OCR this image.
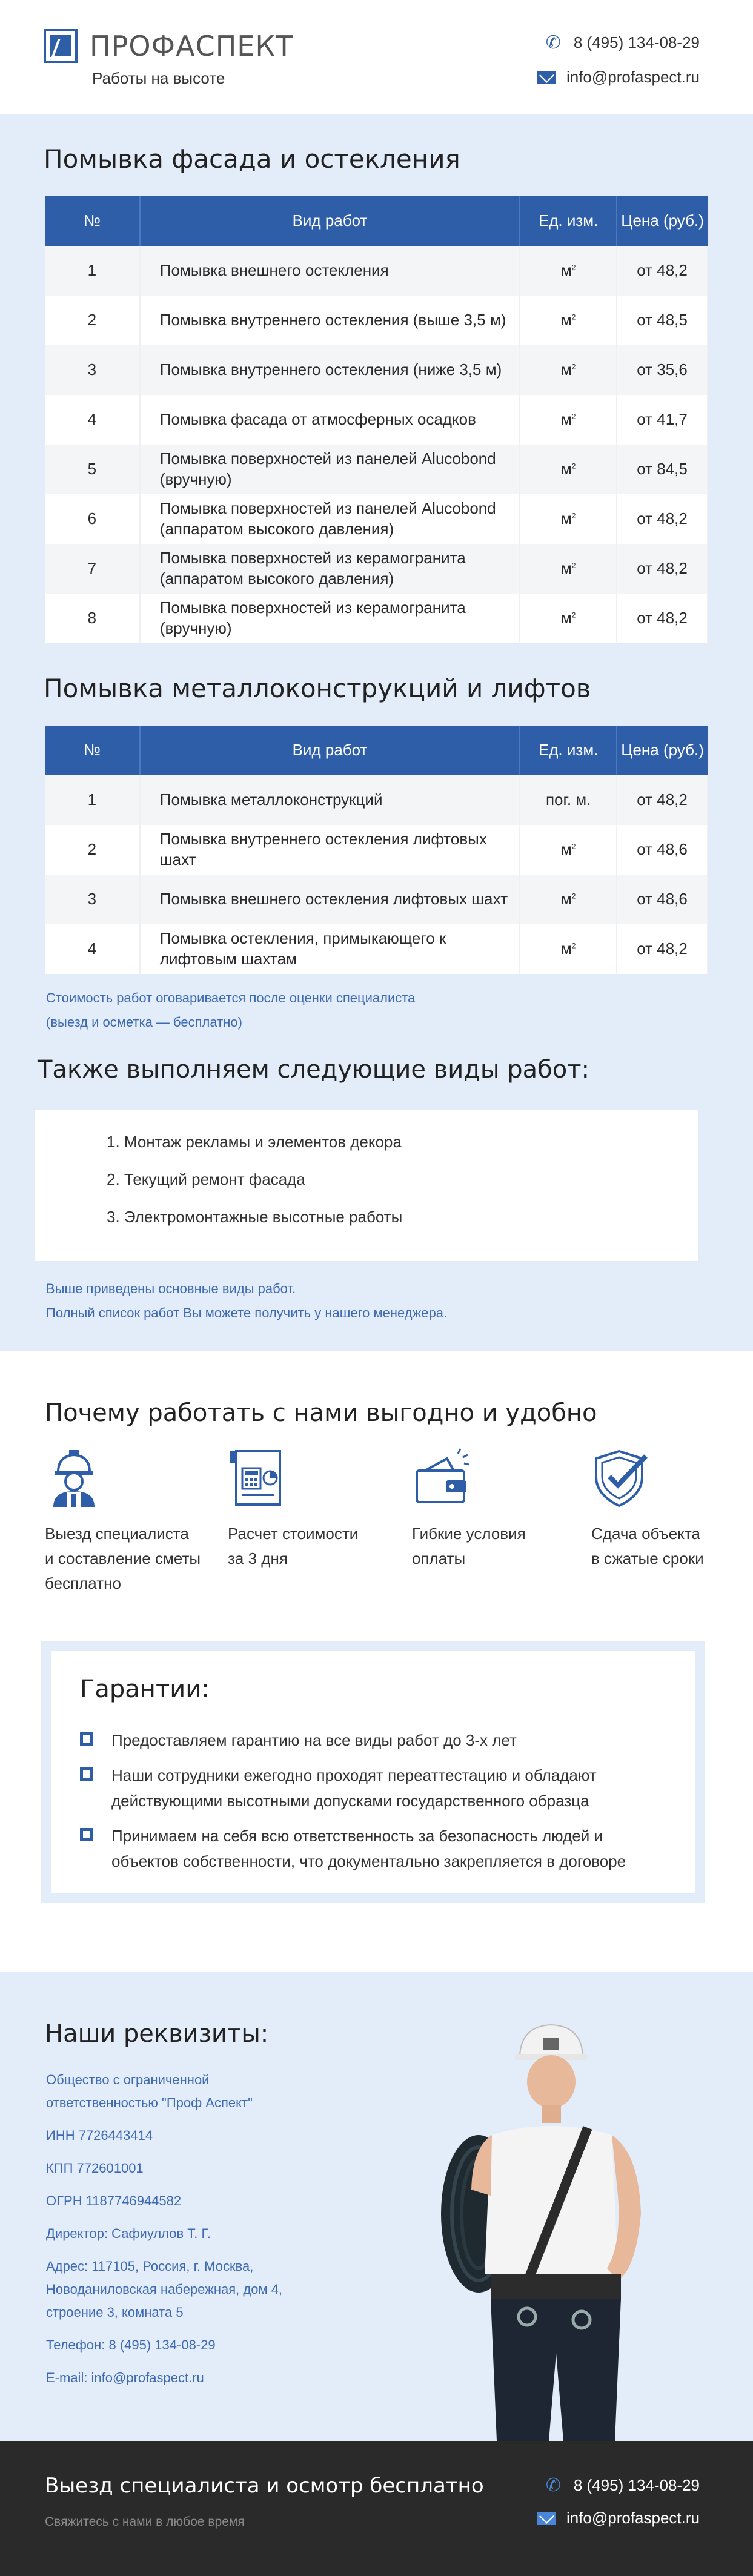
ПРОФАСПЕКТ
Работы на высоте
✆ 8 (495) 134-08-29
info@profaspect.ru
Помывка фасада и остекления
№	Вид работ	Ед. изм.	Цена (руб.)
1	Помывка внешнего остекления	$м^2$	от 48,2
2	Помывка внутреннего остекления (выше 3,5 м)	$м^2$	от 48,5
3	Помывка внутреннего остекления (ниже 3,5 м)	$м^2$	от 35,6
4	Помывка фасада от атмосферных осадков	$м^2$	от 41,7
5	Помывка поверхностей из панелей Alucobond (вручную)	$м^2$	от 84,5
6	Помывка поверхностей из панелей Alucobond (аппаратом высокого давления)	$м^2$	от 48,2
7	Помывка поверхностей из керамогранита (аппаратом высокого давления)	$м^2$	от 48,2
8	Помывка поверхностей из керамогранита (вручную)	$м^2$	от 48,2
Помывка металлоконструкций и лифтов
№	Вид работ	Ед. изм.	Цена (руб.)
1	Помывка металлоконструкций	пог. м.	от 48,2
2	Помывка внутреннего остекления лифтовых шахт	$м^2$	от 48,6
3	Помывка внешнего остекления лифтовых шахт	$м^2$	от 48,6
4	Помывка остекления, примыкающего к лифтовым шахтам	$м^2$	от 48,2
Стоимость работ оговаривается после оценки специалиста
(выезд и осметка — бесплатно)
Также выполняем следующие виды работ:
1. Монтаж рекламы и элементов декора
2. Текущий ремонт фасада
3. Электромонтажные высотные работы
Выше приведены основные виды работ.
Полный список работ Вы можете получить у нашего менеджера.
Почему работать с нами выгодно и удобно

Выезд специалиста
и составление сметы
бесплатно

Расчет стоимости
за 3 дня

Гибкие условия
оплаты

Сдача объекта
в сжатые сроки

Гарантии:
Предоставляем гарантию на все виды работ до 3-х лет
Наши сотрудники ежегодно проходят переаттестацию и обладают действующими высотными допусками государственного образца
Принимаем на себя всю ответственность за безопасность людей и объектов собственности, что документально закрепляется в договоре
Наши реквизиты:

Общество с ограниченной ответственностью "Проф Аспект"

ИНН 7726443414

КПП 772601001

ОГРН 1187746944582

Директор: Сафиуллов Т. Г.

Адрес: 117105, Россия, г. Москва, Новоданиловская набережная, дом 4, строение 3, комната 5

Телефон: 8 (495) 134-08-29

E-mail: info@profaspect.ru

Выезд специалиста и осмотр бесплатно
Свяжитесь с нами в любое время
✆ 8 (495) 134-08-29
info@profaspect.ru
